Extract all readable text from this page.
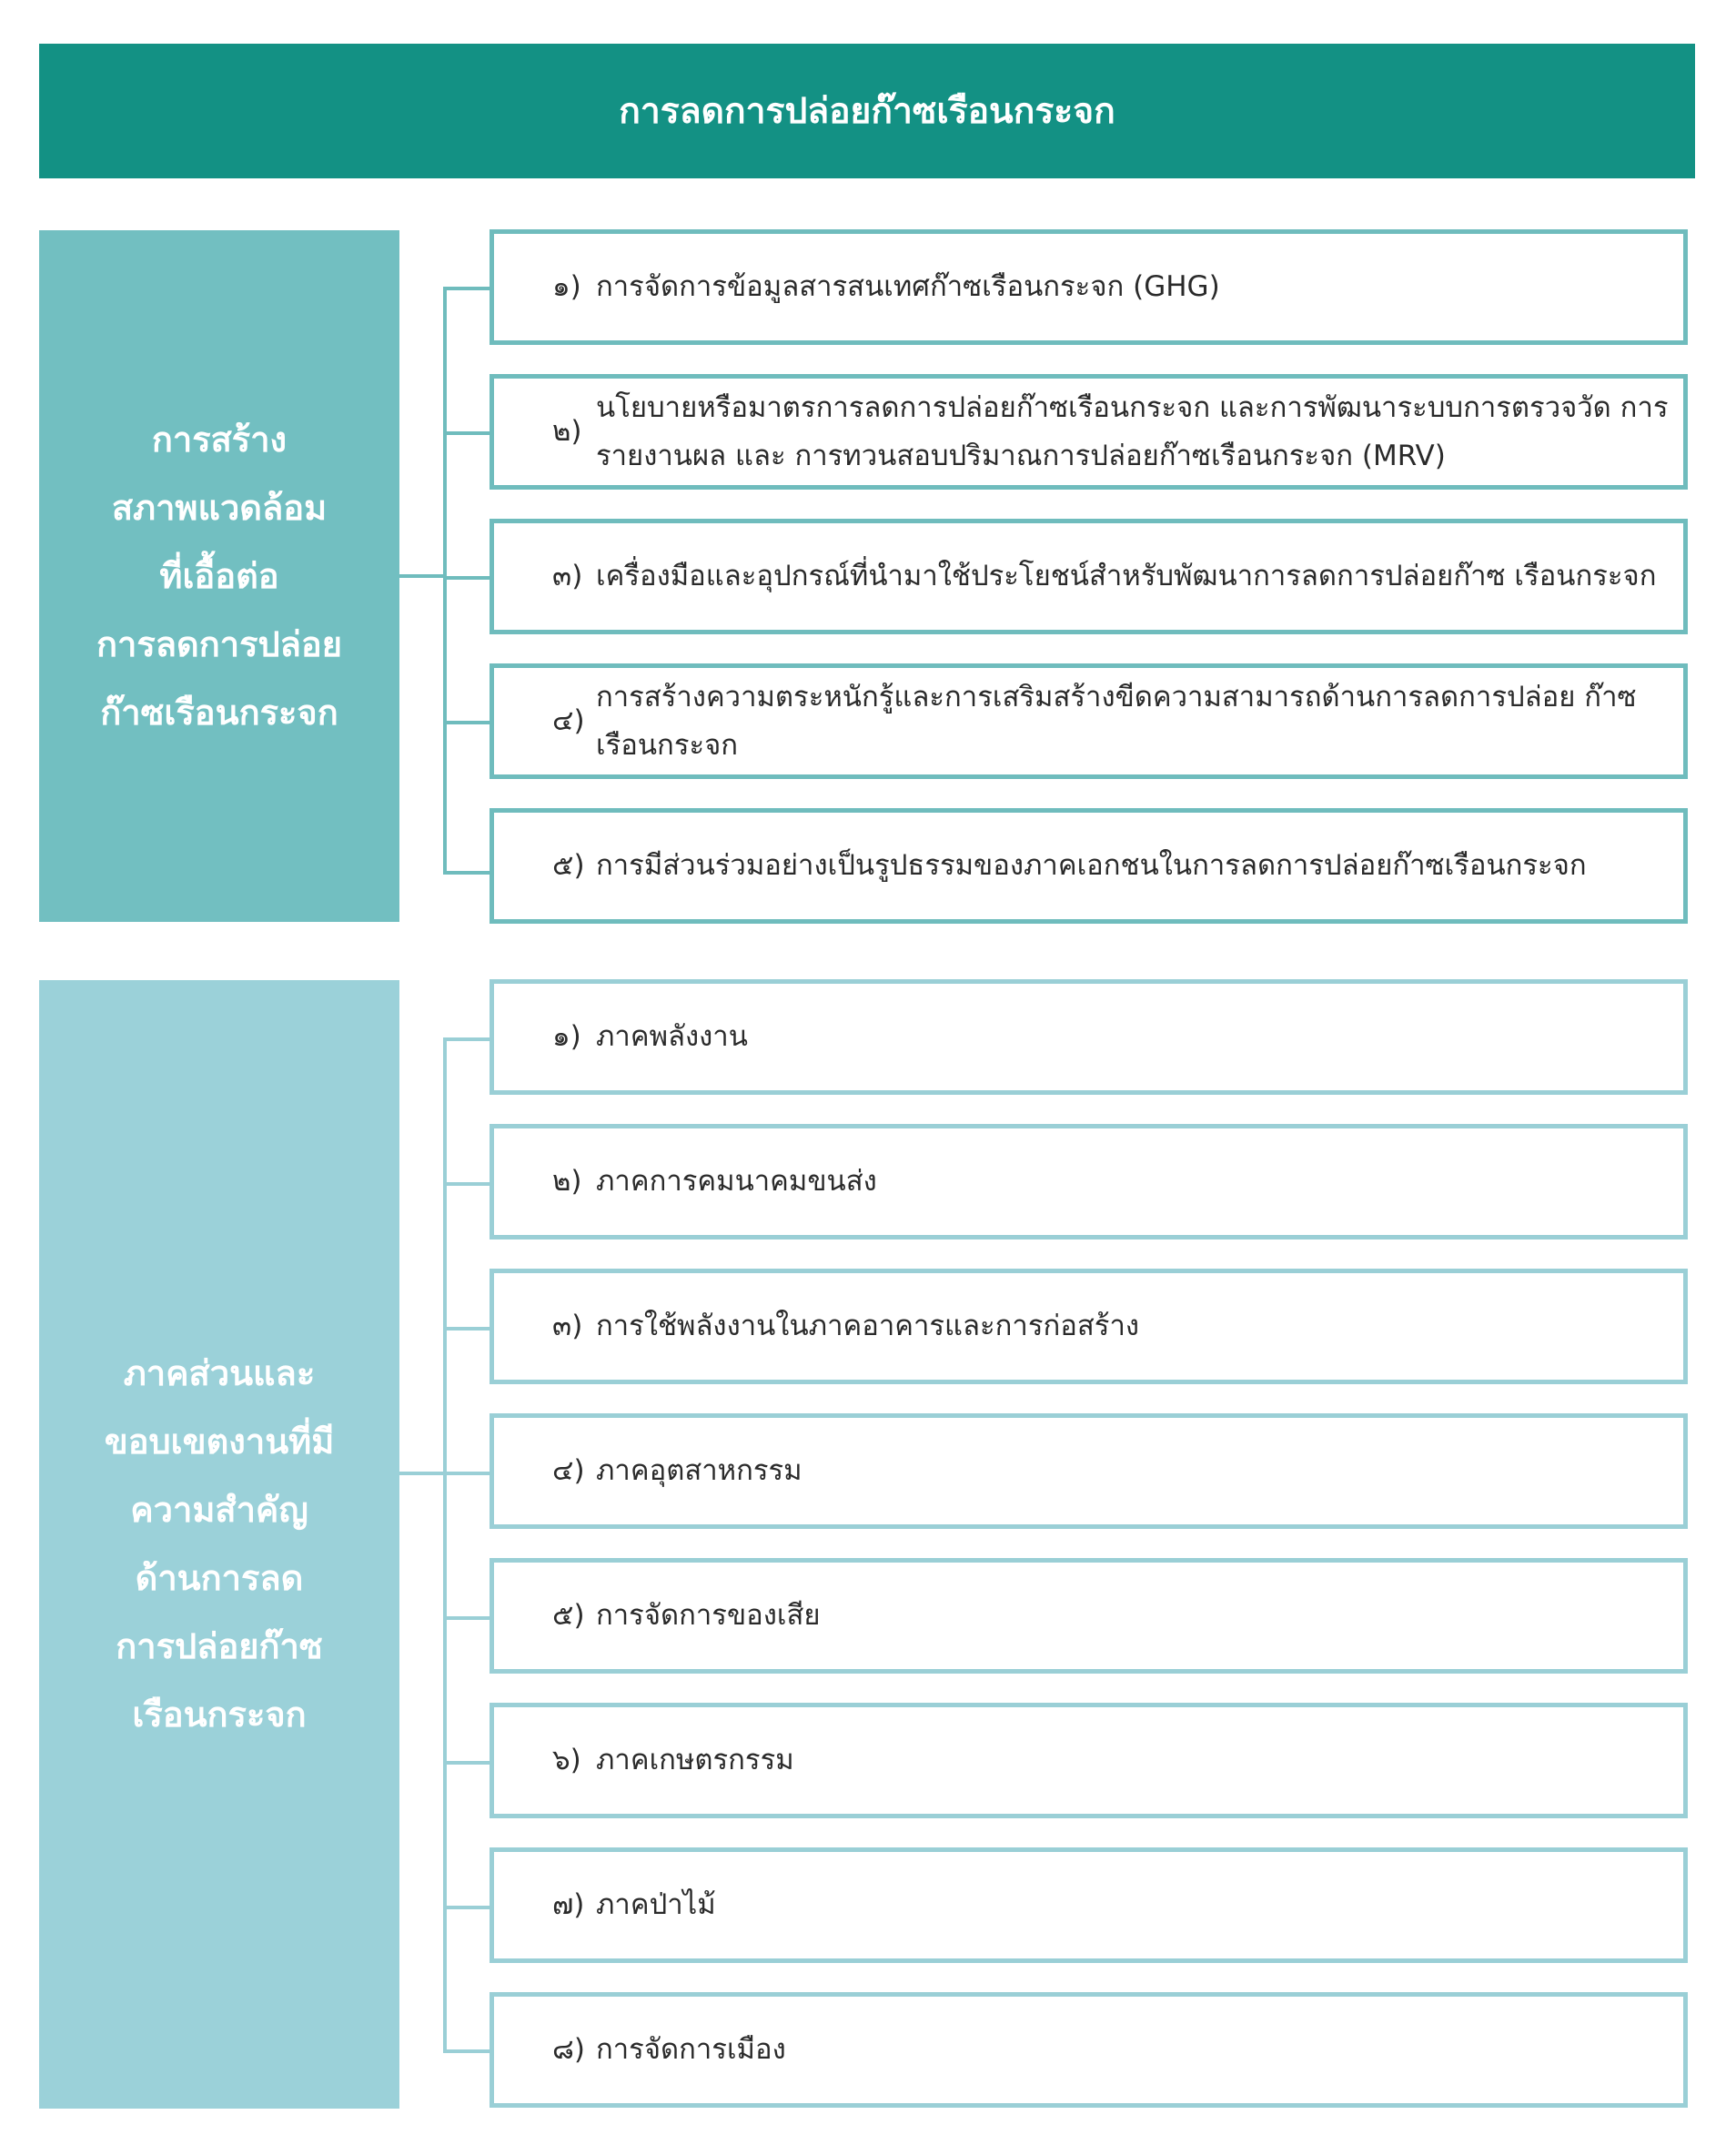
การลดการปล่อยก๊าซเรือนกระจก
การสร้าง
สภาพแวดล้อม
ที่เอื้อต่อ
การลดการปล่อย
ก๊าซเรือนกระจก
๑) การจัดการข้อมูลสารสนเทศก๊าซเรือนกระจก (GHG)
๒)
นโยบายหรือมาตรการลดการปล่อยก๊าซเรือนกระจก และการพัฒนาระบบการตรวจวัด การรายงานผล และ การทวนสอบปริมาณการปล่อยก๊าซเรือนกระจก (MRV)
๓) เครื่องมือและอุปกรณ์ที่นำมาใช้ประโยชน์สำหรับพัฒนาการลดการปล่อยก๊าซ เรือนกระจก
๔)
การสร้างความตระหนักรู้และการเสริมสร้างขีดความสามารถด้านการลดการปล่อย ก๊าซเรือนกระจก
๕) การมีส่วนร่วมอย่างเป็นรูปธรรมของภาคเอกชนในการลดการปล่อยก๊าซเรือนกระจก
ภาคส่วนและ
ขอบเขตงานที่มี
ความสำคัญ
ด้านการลด
การปล่อยก๊าซ
เรือนกระจก
๑) ภาคพลังงาน
๒) ภาคการคมนาคมขนส่ง
๓) การใช้พลังงานในภาคอาคารและการก่อสร้าง
๔) ภาคอุตสาหกรรม
๕) การจัดการของเสีย
๖) ภาคเกษตรกรรม
๗) ภาคป่าไม้
๘) การจัดการเมือง
